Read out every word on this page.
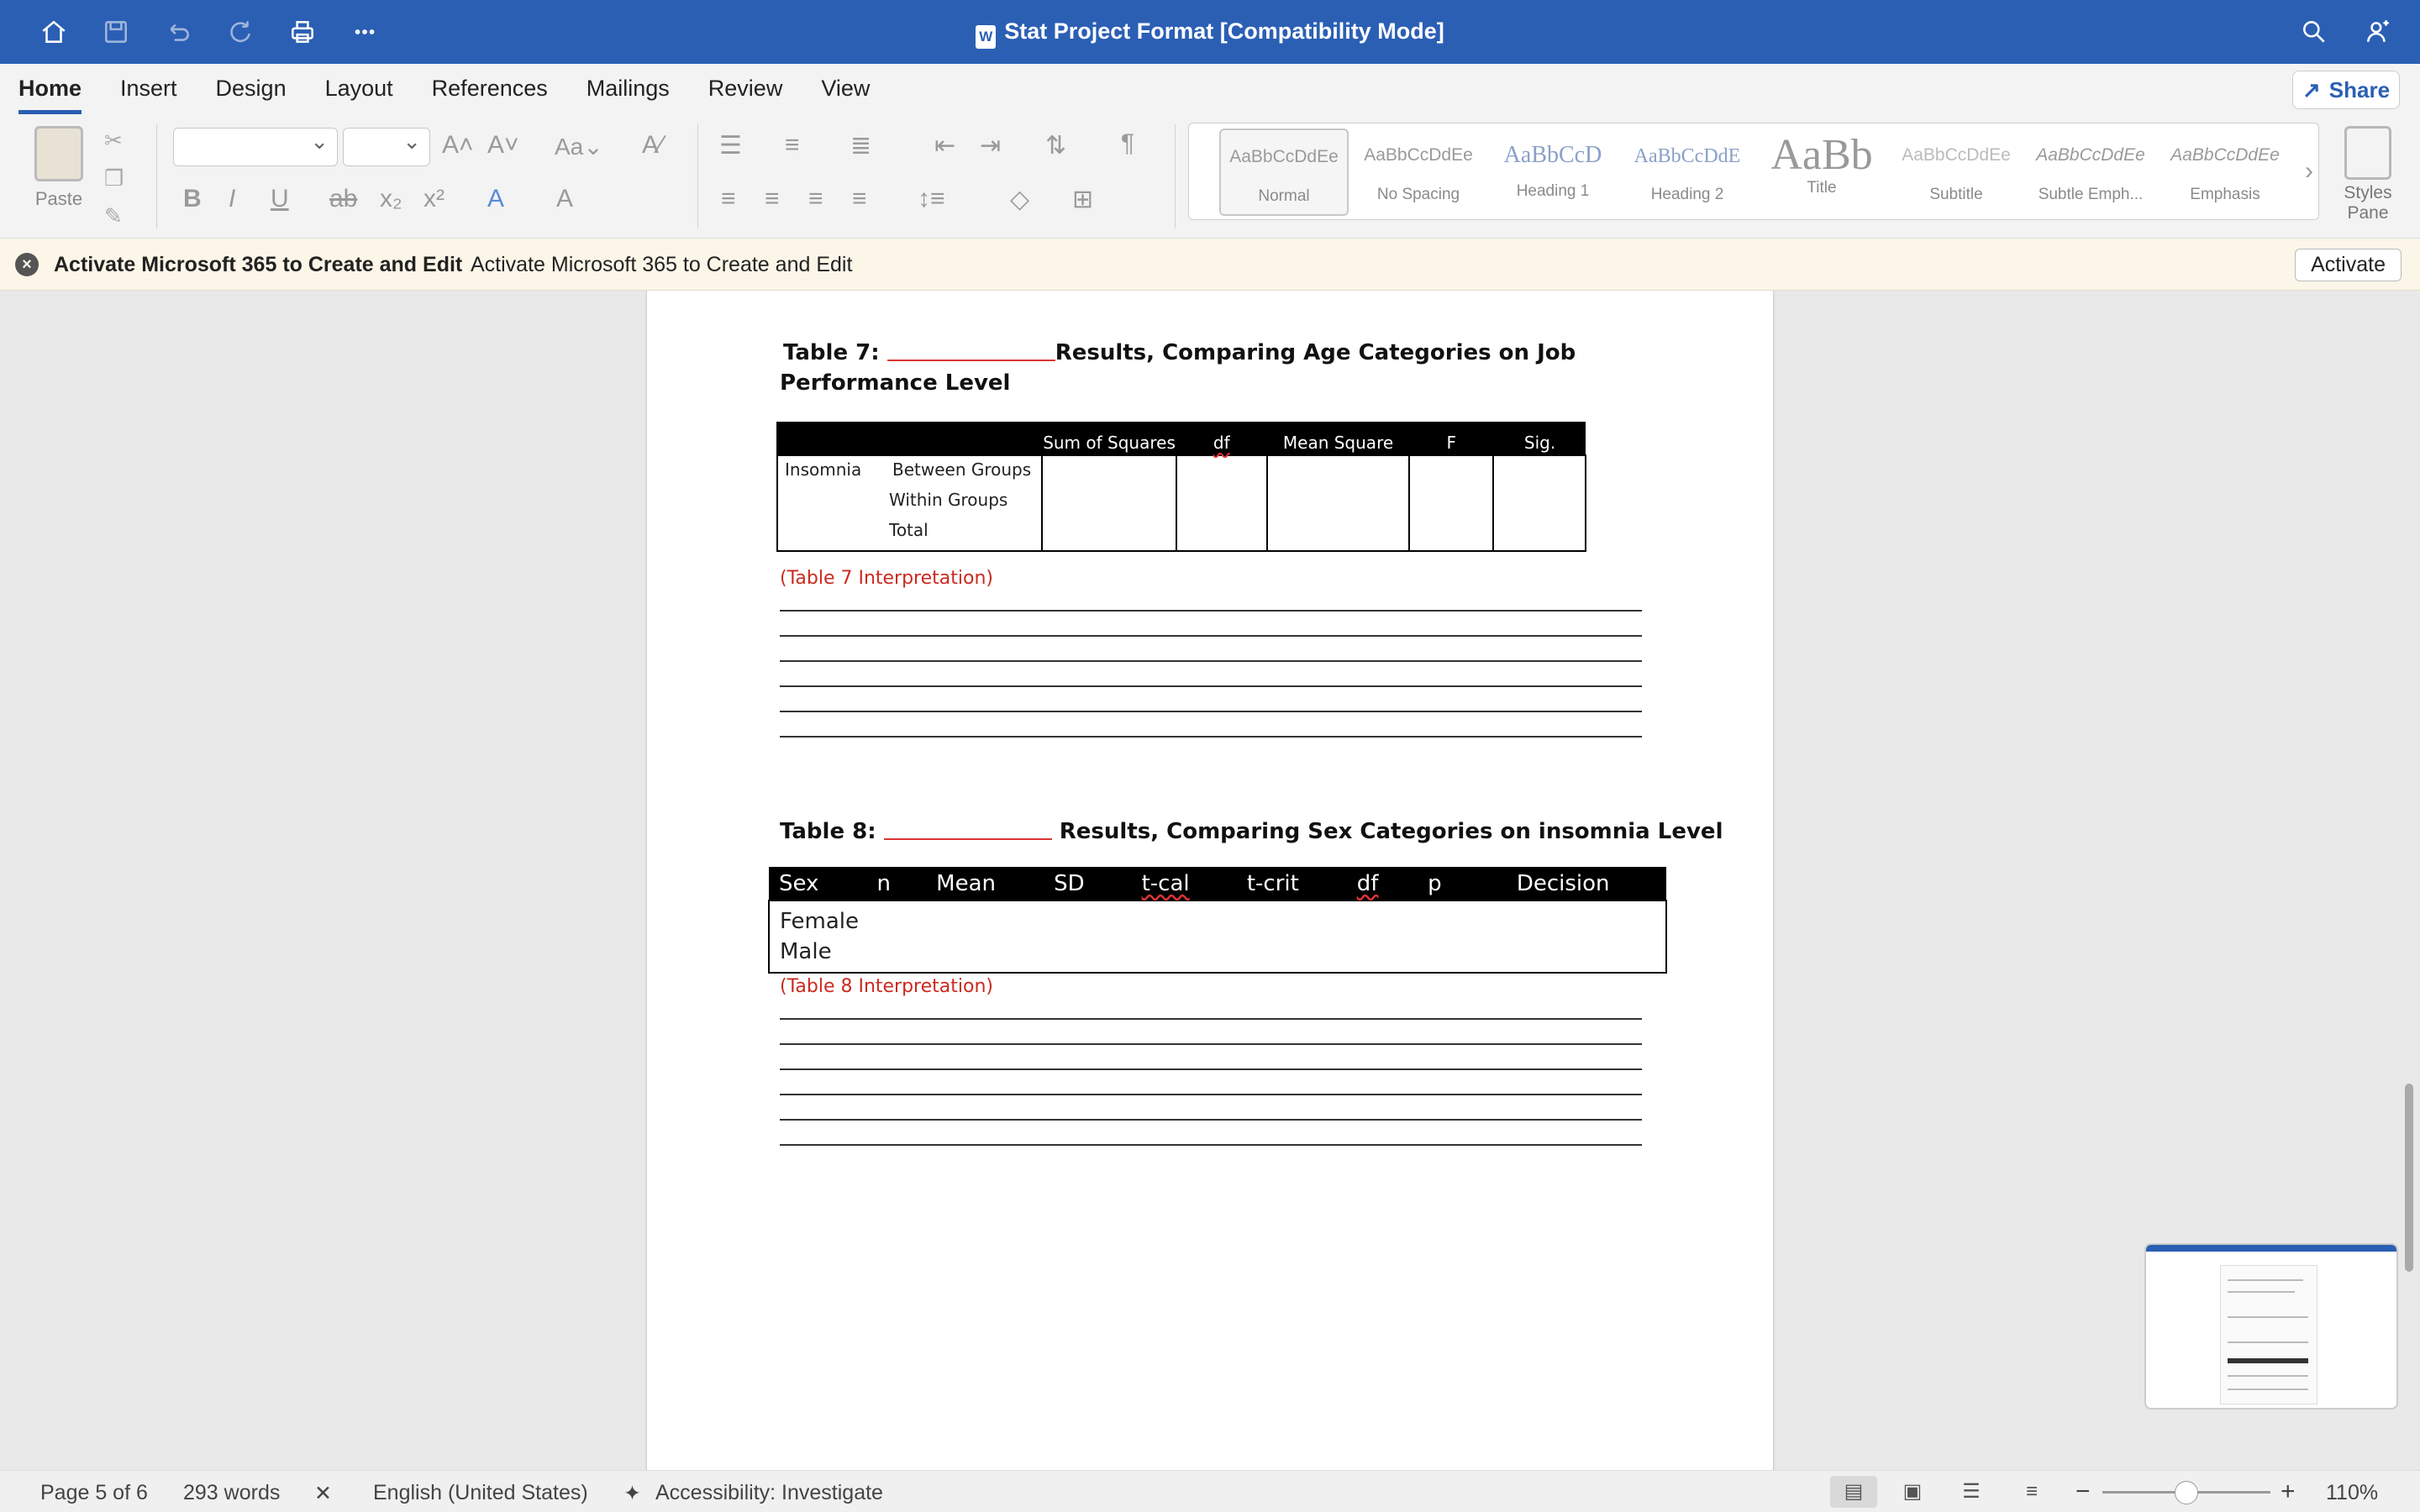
W Stat Project Format [Compatibility Mode]
Home Insert Design Layout References Mailings Review View	↗ Share
Paste
✂
❐
✎
⌄
⌄
A˄ A˅ Aa⌄ A∕
B I U ab x₂ x² A A
☰ ≡ ≣ ⇤ ⇥ ⇅ ¶
≡ ≡ ≡ ≡ ↕≡	◇ ⊞
AaBbCcDdEe
Normal
AaBbCcDdEe
No Spacing
AaBbCcD
Heading 1
AaBbCcDdE
Heading 2
AaBb
Title
AaBbCcDdEe
Subtitle
AaBbCcDdEe
Subtle Emph...
AaBbCcDdEe
Emphasis
›
Styles
Pane
×	Activate Microsoft 365 to Create and Edit Activate Microsoft 365 to Create and Edit	Activate
Table 7:	Results, Comparing Age Categories on Job
Performance Level
	Sum of Squares	df	Mean Square	F	Sig.

Insomnia Between Groups
Within Groups
Total					

(Table 7 Interpretation)
Table 8:	Results, Comparing Sex Categories on insomnia Level
Sex	n	Mean	SD	t-cal	t-crit	df	p	Decision

Female
Male
(Table 8 Interpretation)
Page 5 of 6 293 words ✕ English (United States) ✦ Accessibility: Investigate	▤	▣	☰	≡	−	+ 110%
